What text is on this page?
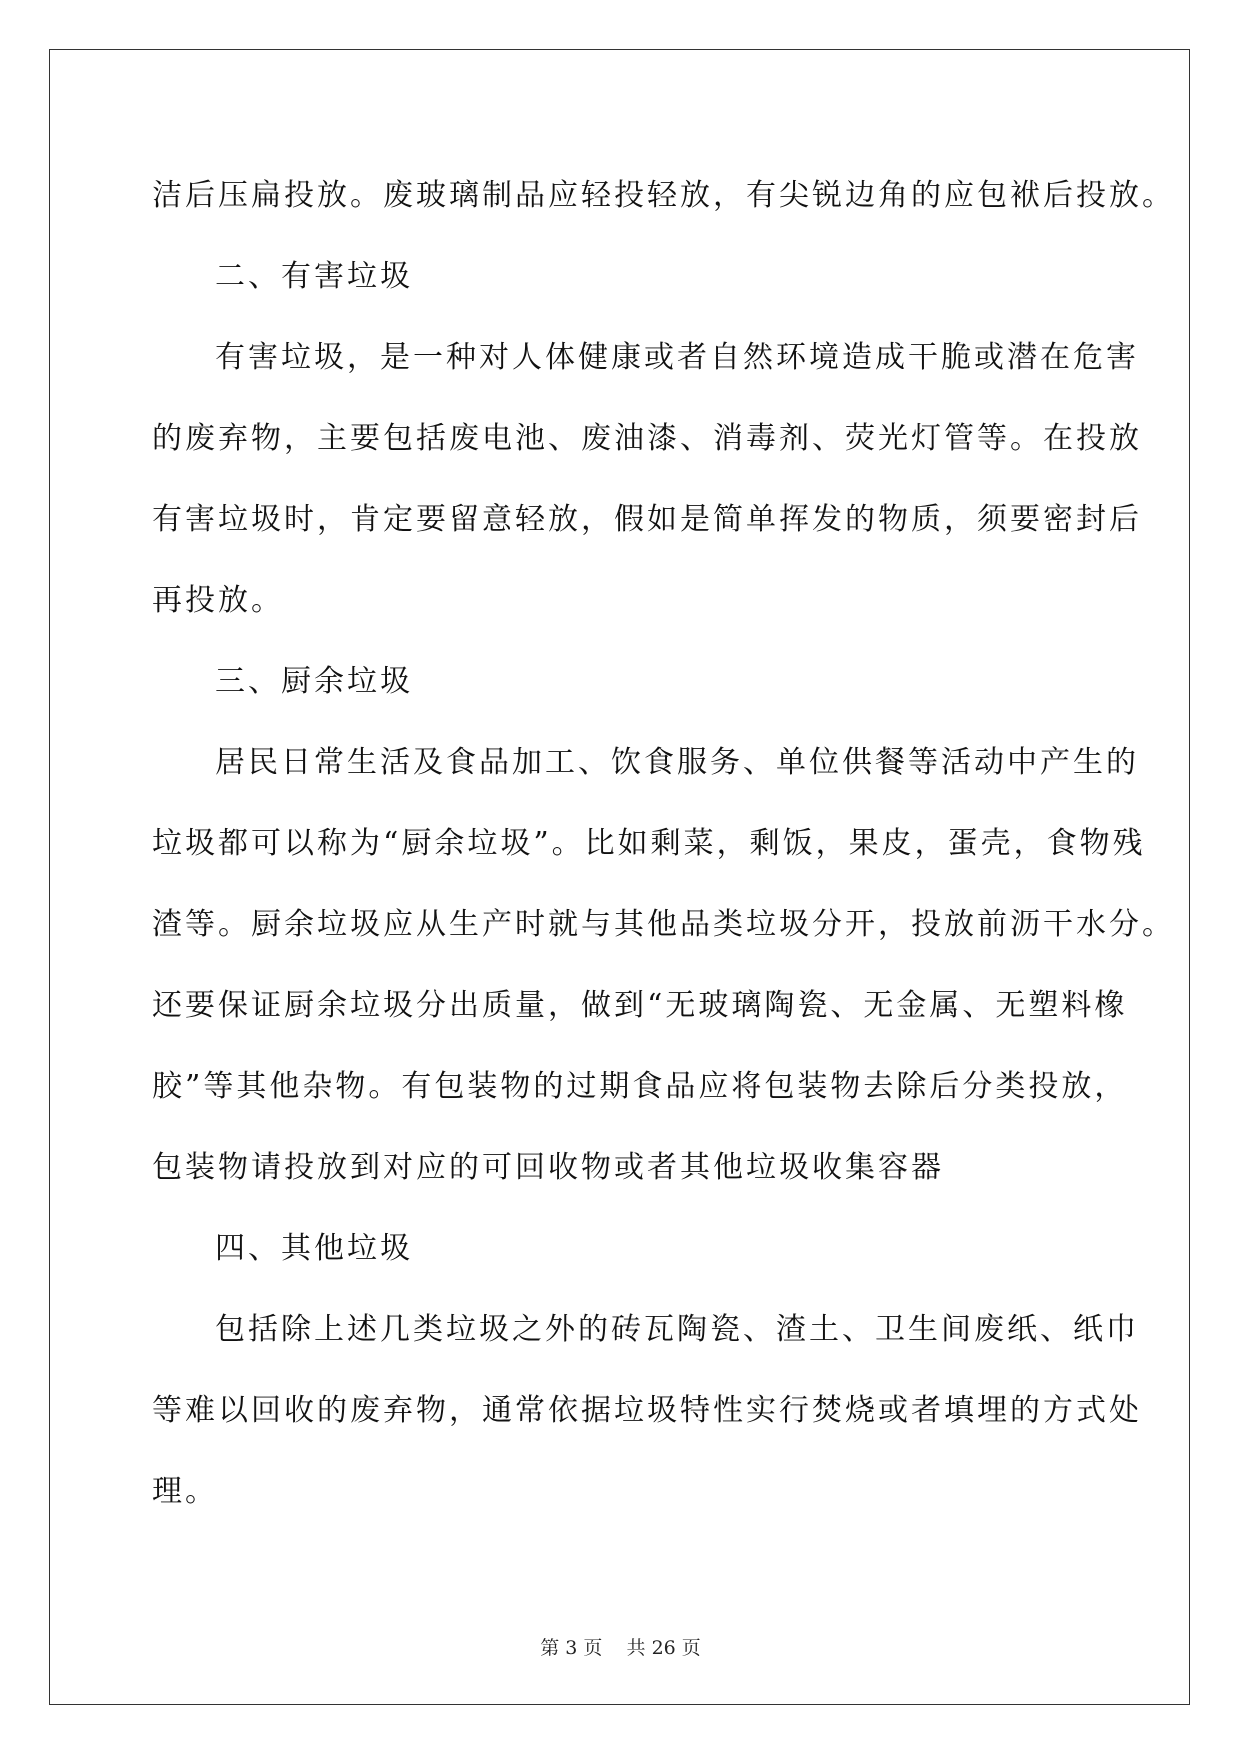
洁后压扁投放。废玻璃制品应轻投轻放，有尖锐边角的应包袱后投放。
二、有害垃圾
有害垃圾，是一种对人体健康或者自然环境造成干脆或潜在危害
的废弃物，主要包括废电池、废油漆、消毒剂、荧光灯管等。在投放
有害垃圾时，肯定要留意轻放，假如是简单挥发的物质，须要密封后
再投放。
三、厨余垃圾
居民日常生活及食品加工、饮食服务、单位供餐等活动中产生的
垃圾都可以称为“厨余垃圾”。比如剩菜，剩饭，果皮，蛋壳，食物残
渣等。厨余垃圾应从生产时就与其他品类垃圾分开，投放前沥干水分。
还要保证厨余垃圾分出质量，做到“无玻璃陶瓷、无金属、无塑料橡
胶”等其他杂物。有包装物的过期食品应将包装物去除后分类投放，
包装物请投放到对应的可回收物或者其他垃圾收集容器
四、其他垃圾
包括除上述几类垃圾之外的砖瓦陶瓷、渣土、卫生间废纸、纸巾
等难以回收的废弃物，通常依据垃圾特性实行焚烧或者填埋的方式处
理。
第 3 页 共 26 页
